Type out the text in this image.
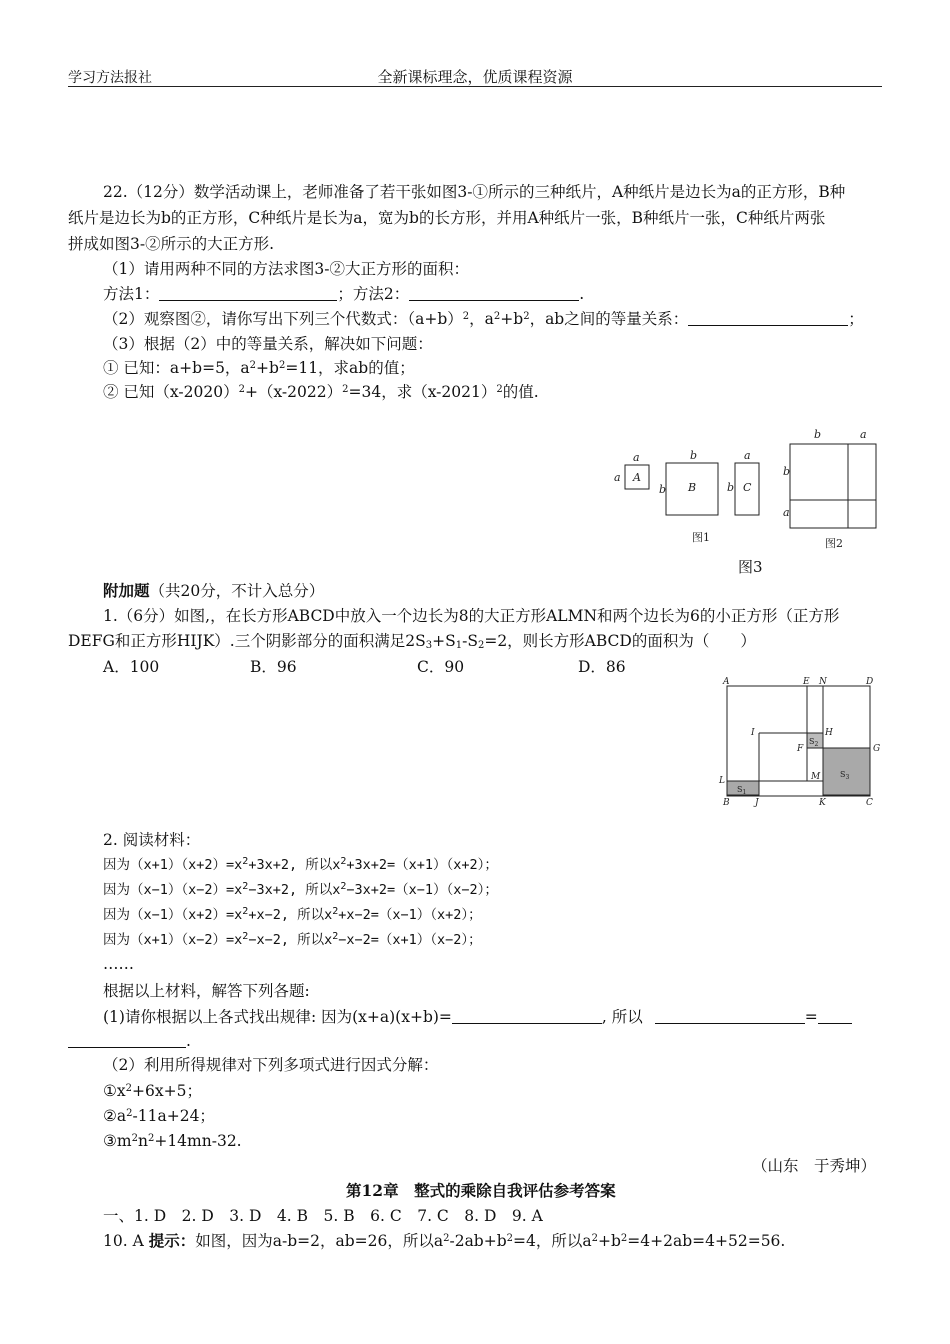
学习方法报社	全新课标理念，优质课程资源
22.（12分）数学活动课上，老师准备了若干张如图3-①所示的三种纸片，A种纸片是边长为a的正方形，B种
纸片是边长为b的正方形，C种纸片是长为a，宽为b的长方形，并用A种纸片一张，B种纸片一张，C种纸片两张
拼成如图3-②所示的大正方形.
（1）请用两种不同的方法求图3-②大正方形的面积：
方法1：	；方法2：	.
（2）观察图②，请你写出下列三个代数式：$(a+b)^2$，$a^2+b^2$，ab之间的等量关系：	；
（3）根据（2）中的等量关系，解决如下问题：
① 已知：a+b=5，$a^2+b^2=11$，求ab的值；
② 已知$(x-2020)^2+(x-2022)^2=34$，求$(x-2021)^2$的值.
a
a A
b
b B
a
b C
b	a
b
a
图1	图2
图3
附加题（共20分，不计入总分）
1.（6分）如图,，在长方形ABCD中放入一个边长为8的大正方形ALMN和两个边长为6的小正方形（正方形
DEFG和正方形HIJK）.三个阴影部分的面积满足$2S_3+S_1-S_2=2$，则长方形ABCD的面积为（　　）
A．100	B．96	C．90	D．86
A	E N	D
I	H
F	G
L	M
B	J	K	C
$S_2$
$S_3$
$S_1$
2. 阅读材料：
因为$(x+1)(x+2)=x^2+3x+2$, 所以$x^2+3x+2=(x+1)(x+2)$；
因为$(x-1)(x-2)=x^2-3x+2$, 所以$x^2-3x+2=(x-1)(x-2)$；
因为$(x-1)(x+2)=x^2+x-2$, 所以$x^2+x-2=(x-1)(x+2)$；
因为$(x+1)(x-2)=x^2-x-2$, 所以$x^2-x-2=(x+1)(x-2)$；
……
根据以上材料，解答下列各题:
(1)请你根据以上各式找出规律: 因为(x+a)(x+b)=	, 所以	=
.
（2）利用所得规律对下列多项式进行因式分解：
$①x^2+6x+5$；
$②a^2-11a+24$；
$③m^2n^2+14mn-32$.
（山东　于秀坤）
第12章　整式的乘除自我评估参考答案
一、1. D　2. D　3. D　4. B　5. B　6. C　7. C　8. D　9. A
10. A 提示：如图，因为a-b=2，ab=26，所以$a^2-2ab+b^2=4$，所以$a^2+b^2=4+2ab=4+52=56$.
